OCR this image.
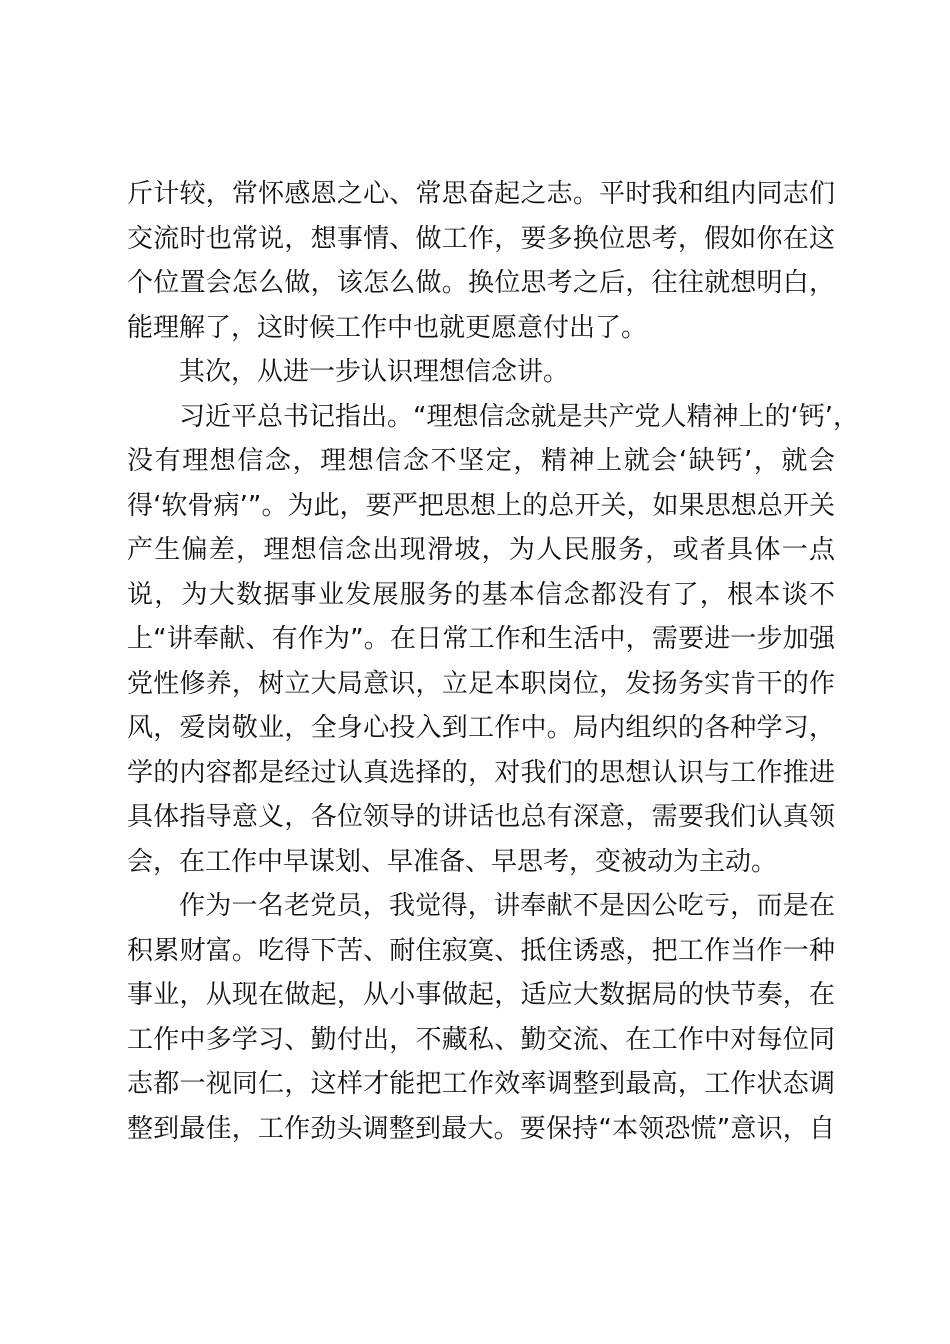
斤计较，常怀感恩之心、常思奋起之志。平时我和组内同志们
交流时也常说，想事情、做工作，要多换位思考，假如你在这
个位置会怎么做，该怎么做。换位思考之后，往往就想明白，
能理解了，这时候工作中也就更愿意付出了。
其次，从进一步认识理想信念讲。
习近平总书记指出。“理想信念就是共产党人精神上的‘钙’，
没有理想信念，理想信念不坚定，精神上就会‘缺钙’，就会
得‘软骨病’”。为此，要严把思想上的总开关，如果思想总开关
产生偏差，理想信念出现滑坡，为人民服务，或者具体一点
说，为大数据事业发展服务的基本信念都没有了，根本谈不
上“讲奉献、有作为”。在日常工作和生活中，需要进一步加强
党性修养，树立大局意识，立足本职岗位，发扬务实肯干的作
风，爱岗敬业，全身心投入到工作中。局内组织的各种学习，
学的内容都是经过认真选择的，对我们的思想认识与工作推进
具体指导意义，各位领导的讲话也总有深意，需要我们认真领
会，在工作中早谋划、早准备、早思考，变被动为主动。
作为一名老党员，我觉得，讲奉献不是因公吃亏，而是在
积累财富。吃得下苦、耐住寂寞、抵住诱惑，把工作当作一种
事业，从现在做起，从小事做起，适应大数据局的快节奏，在
工作中多学习、勤付出，不藏私、勤交流、在工作中对每位同
志都一视同仁，这样才能把工作效率调整到最高，工作状态调
整到最佳，工作劲头调整到最大。要保持“本领恐慌”意识，自
